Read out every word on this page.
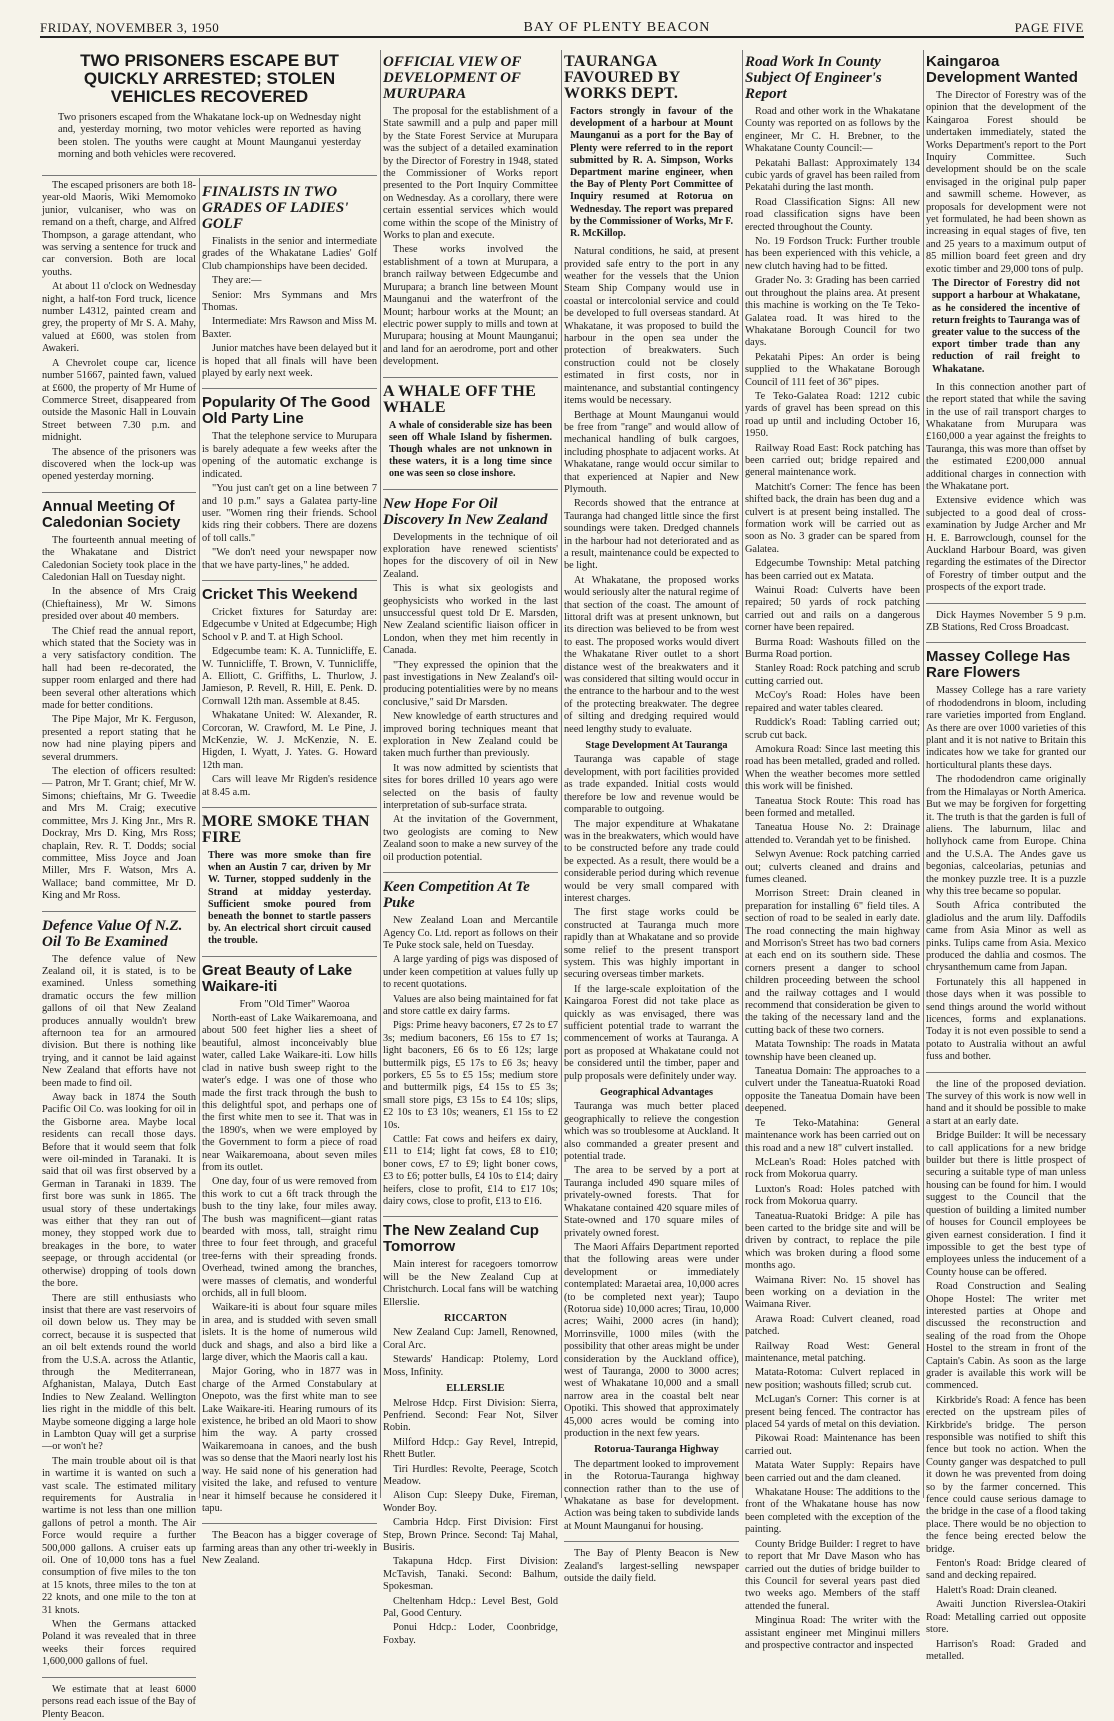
FRIDAY, NOVEMBER 3, 1950	BAY OF PLENTY BEACON	PAGE FIVE
TWO PRISONERS ESCAPE BUT QUICKLY ARRESTED; STOLEN VEHICLES RECOVERED
Two prisoners escaped from the Whakatane lock-up on Wednesday night and, yesterday morning, two motor vehicles were reported as having been stolen. The youths were caught at Mount Maunganui yesterday morning and both vehicles were recovered.

The escaped prisoners are both 18-year-old Maoris, Wiki Memomoko junior, vulcaniser, who was on remand on a theft, charge, and Alfred Thompson, a garage attendant, who was serving a sentence for truck and car conversion. Both are local youths.

At about 11 o'clock on Wednesday night, a half-ton Ford truck, licence number L4312, painted cream and grey, the property of Mr S. A. Mahy, valued at £600, was stolen from Awakeri.

A Chevrolet coupe car, licence number 51667, painted fawn, valued at £600, the property of Mr Hume of Commerce Street, disappeared from outside the Masonic Hall in Louvain Street between 7.30 p.m. and midnight.

The absence of the prisoners was discovered when the lock-up was opened yesterday morning.

Annual Meeting Of Caledonian Society

The fourteenth annual meeting of the Whakatane and District Caledonian Society took place in the Caledonian Hall on Tuesday night.

In the absence of Mrs Craig (Chieftainess), Mr W. Simons presided over about 40 members.

The Chief read the annual report, which stated that the Society was in a very satisfactory condition. The hall had been re-decorated, the supper room enlarged and there had been several other alterations which made for better conditions.

The Pipe Major, Mr K. Ferguson, presented a report stating that he now had nine playing pipers and several drummers.

The election of officers resulted:— Patron, Mr T. Grant; chief, Mr W. Simons; chieftains, Mr G. Tweedie and Mrs M. Craig; executive committee, Mrs J. King Jnr., Mrs R. Dockray, Mrs D. King, Mrs Ross; chaplain, Rev. R. T. Dodds; social committee, Miss Joyce and Joan Miller, Mrs F. Watson, Mrs A. Wallace; band committee, Mr D. King and Mr Ross.

Defence Value Of N.Z. Oil To Be Examined

The defence value of New Zealand oil, it is stated, is to be examined. Unless something dramatic occurs the few million gallons of oil that New Zealand produces annually wouldn't brew afternoon tea for an armoured division. But there is nothing like trying, and it cannot be laid against New Zealand that efforts have not been made to find oil.

Away back in 1874 the South Pacific Oil Co. was looking for oil in the Gisborne area. Maybe local residents can recall those days. Before that it would seem that folk were oil-minded in Taranaki. It is said that oil was first observed by a German in Taranaki in 1839. The first bore was sunk in 1865. The usual story of these undertakings was either that they ran out of money, they stopped work due to breakages in the bore, to water seepage, or through accidental (or otherwise) dropping of tools down the bore.

There are still enthusiasts who insist that there are vast reservoirs of oil down below us. They may be correct, because it is suspected that an oil belt extends round the world from the U.S.A. across the Atlantic, through the Mediterranean, Afghanistan, Malaya, Dutch East Indies to New Zealand. Wellington lies right in the middle of this belt. Maybe someone digging a large hole in Lambton Quay will get a surprise—or won't he?

The main trouble about oil is that in wartime it is wanted on such a vast scale. The estimated military requirements for Australia in wartime is not less than one million gallons of petrol a month. The Air Force would require a further 500,000 gallons. A cruiser eats up oil. One of 10,000 tons has a fuel consumption of five miles to the ton at 15 knots, three miles to the ton at 22 knots, and one mile to the ton at 31 knots.

When the Germans attacked Poland it was revealed that in three weeks their forces required 1,600,000 gallons of fuel.

We estimate that at least 6000 persons read each issue of the Bay of Plenty Beacon.

FINALISTS IN TWO GRADES OF LADIES' GOLF

Finalists in the senior and intermediate grades of the Whakatane Ladies' Golf Club championships have been decided.

They are:—

Senior: Mrs Symmans and Mrs Thomas.

Intermediate: Mrs Rawson and Miss M. Baxter.

Junior matches have been delayed but it is hoped that all finals will have been played by early next week.

Popularity Of The Good Old Party Line

That the telephone service to Murupara is barely adequate a few weeks after the opening of the automatic exchange is indicated.

"You just can't get on a line between 7 and 10 p.m." says a Galatea party-line user. "Women ring their friends. School kids ring their cobbers. There are dozens of toll calls."

"We don't need your newspaper now that we have party-lines," he added.

Cricket This Weekend

Cricket fixtures for Saturday are: Edgecumbe v United at Edgecumbe; High School v P. and T. at High School.

Edgecumbe team: K. A. Tunnicliffe, E. W. Tunnicliffe, T. Brown, V. Tunnicliffe, A. Elliott, C. Griffiths, L. Thurlow, J. Jamieson, P. Revell, R. Hill, E. Penk. D. Cornwall 12th man. Assemble at 8.45.

Whakatane United: W. Alexander, R. Corcoran, W. Crawford, M. Le Pine, J. McKenzie, W. J. McKenzie, N. E. Higden, I. Wyatt, J. Yates. G. Howard 12th man.

Cars will leave Mr Rigden's residence at 8.45 a.m.

MORE SMOKE THAN FIRE
There was more smoke than fire when an Austin 7 car, driven by Mr W. Turner, stopped suddenly in the Strand at midday yesterday. Sufficient smoke poured from beneath the bonnet to startle passers by. An electrical short circuit caused the trouble.
Great Beauty of Lake Waikare-iti

From "Old Timer" Waoroa

North-east of Lake Waikaremoana, and about 500 feet higher lies a sheet of beautiful, almost inconceivably blue water, called Lake Waikare-iti. Low hills clad in native bush sweep right to the water's edge. I was one of those who made the first track through the bush to this delightful spot, and perhaps one of the first white men to see it. That was in the 1890's, when we were employed by the Government to form a piece of road near Waikaremoana, about seven miles from its outlet.

One day, four of us were removed from this work to cut a 6ft track through the bush to the tiny lake, four miles away. The bush was magnificent—giant ratas bearded with moss, tall, straight rimu three to four feet through, and graceful tree-ferns with their spreading fronds. Overhead, twined among the branches, were masses of clematis, and wonderful orchids, all in full bloom.

Waikare-iti is about four square miles in area, and is studded with seven small islets. It is the home of numerous wild duck and shags, and also a bird like a large diver, which the Maoris call a kau.

Major Goring, who in 1877 was in charge of the Armed Constabulary at Onepoto, was the first white man to see Lake Waikare-iti. Hearing rumours of its existence, he bribed an old Maori to show him the way. A party crossed Waikaremoana in canoes, and the bush was so dense that the Maori nearly lost his way. He said none of his generation had visited the lake, and refused to venture near it himself because he considered it tapu.

The Beacon has a bigger coverage of farming areas than any other tri-weekly in New Zealand.

OFFICIAL VIEW OF DEVELOPMENT OF MURUPARA

The proposal for the establishment of a State sawmill and a pulp and paper mill by the State Forest Service at Murupara was the subject of a detailed examination by the Director of Forestry in 1948, stated the Commissioner of Works report presented to the Port Inquiry Committee on Wednesday. As a corollary, there were certain essential services which would come within the scope of the Ministry of Works to plan and execute.

These works involved the establishment of a town at Murupara, a branch railway between Edgecumbe and Murupara; a branch line between Mount Maunganui and the waterfront of the Mount; harbour works at the Mount; an electric power supply to mills and town at Murupara; housing at Mount Maunganui; and land for an aerodrome, port and other development.

A WHALE OFF THE WHALE
A whale of considerable size has been seen off Whale Island by fishermen. Though whales are not unknown in these waters, it is a long time since one was seen so close inshore.
New Hope For Oil Discovery In New Zealand

Developments in the technique of oil exploration have renewed scientists' hopes for the discovery of oil in New Zealand.

This is what six geologists and geophysicists who worked in the last unsuccessful quest told Dr E. Marsden, New Zealand scientific liaison officer in London, when they met him recently in Canada.

"They expressed the opinion that the past investigations in New Zealand's oil-producing potentialities were by no means conclusive," said Dr Marsden.

New knowledge of earth structures and improved boring techniques meant that exploration in New Zealand could be taken much further than previously.

It was now admitted by scientists that sites for bores drilled 10 years ago were selected on the basis of faulty interpretation of sub-surface strata.

At the invitation of the Government, two geologists are coming to New Zealand soon to make a new survey of the oil production potential.

Keen Competition At Te Puke

New Zealand Loan and Mercantile Agency Co. Ltd. report as follows on their Te Puke stock sale, held on Tuesday.

A large yarding of pigs was disposed of under keen competition at values fully up to recent quotations.

Values are also being maintained for fat and store cattle ex dairy farms.

Pigs: Prime heavy baconers, £7 2s to £7 3s; medium baconers, £6 15s to £7 1s; light baconers, £6 6s to £6 12s; large buttermilk pigs, £5 17s to £6 3s; heavy porkers, £5 5s to £5 15s; medium store and buttermilk pigs, £4 15s to £5 3s; small store pigs, £3 15s to £4 10s; slips, £2 10s to £3 10s; weaners, £1 15s to £2 10s.

Cattle: Fat cows and heifers ex dairy, £11 to £14; light fat cows, £8 to £10; boner cows, £7 to £9; light boner cows, £3 to £6; potter bulls, £4 10s to £14; dairy heifers, close to profit, £14 to £17 10s; dairy cows, close to profit, £13 to £16.

The New Zealand Cup Tomorrow

Main interest for racegoers tomorrow will be the New Zealand Cup at Christchurch. Local fans will be watching Ellerslie.

RICCARTON

New Zealand Cup: Jamell, Renowned, Coral Arc.

Stewards' Handicap: Ptolemy, Lord Moss, Infinity.

ELLERSLIE

Melrose Hdcp. First Division: Sierra, Penfriend. Second: Fear Not, Silver Robin.

Milford Hdcp.: Gay Revel, Intrepid, Rhett Butler.

Tiri Hurdles: Revolte, Peerage, Scotch Meadow.

Alison Cup: Sleepy Duke, Fireman, Wonder Boy.

Cambria Hdcp. First Division: First Step, Brown Prince. Second: Taj Mahal, Busiris.

Takapuna Hdcp. First Division: McTavish, Tanaki. Second: Balhum, Spokesman.

Cheltenham Hdcp.: Level Best, Gold Pal, Good Century.

Ponui Hdcp.: Loder, Coonbridge, Foxbay.

TAURANGA FAVOURED BY WORKS DEPT.
Factors strongly in favour of the development of a harbour at Mount Maunganui as a port for the Bay of Plenty were referred to in the report submitted by R. A. Simpson, Works Department marine engineer, when the Bay of Plenty Port Committee of Inquiry resumed at Rotorua on Wednesday. The report was prepared by the Commissioner of Works, Mr F. R. McKillop.

Natural conditions, he said, at present provided safe entry to the port in any weather for the vessels that the Union Steam Ship Company would use in coastal or intercolonial service and could be developed to full overseas standard. At Whakatane, it was proposed to build the harbour in the open sea under the protection of breakwaters. Such construction could not be closely estimated in first costs, nor in maintenance, and substantial contingency items would be necessary.

Berthage at Mount Maunganui would be free from "range" and would allow of mechanical handling of bulk cargoes, including phosphate to adjacent works. At Whakatane, range would occur similar to that experienced at Napier and New Plymouth.

Records showed that the entrance at Tauranga had changed little since the first soundings were taken. Dredged channels in the harbour had not deteriorated and as a result, maintenance could be expected to be light.

At Whakatane, the proposed works would seriously alter the natural regime of that section of the coast. The amount of littoral drift was at present unknown, but its direction was believed to be from west to east. The proposed works would divert the Whakatane River outlet to a short distance west of the breakwaters and it was considered that silting would occur in the entrance to the harbour and to the west of the protecting breakwater. The degree of silting and dredging required would need lengthy study to evaluate.

Stage Development At Tauranga

Tauranga was capable of stage development, with port facilities provided as trade expanded. Initial costs would therefore be low and revenue would be comparable to outgoing.

The major expenditure at Whakatane was in the breakwaters, which would have to be constructed before any trade could be expected. As a result, there would be a considerable period during which revenue would be very small compared with interest charges.

The first stage works could be constructed at Tauranga much more rapidly than at Whakatane and so provide some relief to the present transport system. This was highly important in securing overseas timber markets.

If the large-scale exploitation of the Kaingaroa Forest did not take place as quickly as was envisaged, there was sufficient potential trade to warrant the commencement of works at Tauranga. A port as proposed at Whakatane could not be considered until the timber, paper and pulp proposals were definitely under way.

Geographical Advantages

Tauranga was much better placed geographically to relieve the congestion which was so troublesome at Auckland. It also commanded a greater present and potential trade.

The area to be served by a port at Tauranga included 490 square miles of privately-owned forests. That for Whakatane contained 420 square miles of State-owned and 170 square miles of privately owned forest.

The Maori Affairs Department reported that the following areas were under development or immediately contemplated: Maraetai area, 10,000 acres (to be completed next year); Taupo (Rotorua side) 10,000 acres; Tirau, 10,000 acres; Waihi, 2000 acres (in hand); Morrinsville, 1000 miles (with the possibility that other areas might be under consideration by the Auckland office), west of Tauranga, 2000 to 3000 acres; west of Whakatane 10,000 and a small narrow area in the coastal belt near Opotiki. This showed that approximately 45,000 acres would be coming into production in the next few years.

Rotorua-Tauranga Highway

The department looked to improvement in the Rotorua-Tauranga highway connection rather than to the use of Whakatane as base for development. Action was being taken to subdivide lands at Mount Maunganui for housing.

The Bay of Plenty Beacon is New Zealand's largest-selling newspaper outside the daily field.

Road Work In County Subject Of Engineer's Report

Road and other work in the Whakatane County was reported on as follows by the engineer, Mr C. H. Brebner, to the Whakatane County Council:—

Pekatahi Ballast: Approximately 134 cubic yards of gravel has been railed from Pekatahi during the last month.

Road Classification Signs: All new road classification signs have been erected throughout the County.

No. 19 Fordson Truck: Further trouble has been experienced with this vehicle, a new clutch having had to be fitted.

Grader No. 3: Grading has been carried out throughout the plains area. At present this machine is working on the Te Teko-Galatea road. It was hired to the Whakatane Borough Council for two days.

Pekatahi Pipes: An order is being supplied to the Whakatane Borough Council of 111 feet of 36" pipes.

Te Teko-Galatea Road: 1212 cubic yards of gravel has been spread on this road up until and including October 16, 1950.

Railway Road East: Rock patching has been carried out; bridge repaired and general maintenance work.

Matchitt's Corner: The fence has been shifted back, the drain has been dug and a culvert is at present being installed. The formation work will be carried out as soon as No. 3 grader can be spared from Galatea.

Edgecumbe Township: Metal patching has been carried out ex Matata.

Wainui Road: Culverts have been repaired; 50 yards of rock patching carried out and rails on a dangerous corner have been repaired.

Burma Road: Washouts filled on the Burma Road portion.

Stanley Road: Rock patching and scrub cutting carried out.

McCoy's Road: Holes have been repaired and water tables cleared.

Ruddick's Road: Tabling carried out; scrub cut back.

Amokura Road: Since last meeting this road has been metalled, graded and rolled. When the weather becomes more settled this work will be finished.

Taneatua Stock Route: This road has been formed and metalled.

Taneatua House No. 2: Drainage attended to. Verandah yet to be finished.

Selwyn Avenue: Rock patching carried out; culverts cleaned and drains and fumes cleaned.

Morrison Street: Drain cleaned in preparation for installing 6" field tiles. A section of road to be sealed in early date. The road connecting the main highway and Morrison's Street has two bad corners at each end on its southern side. These corners present a danger to school children proceeding between the school and the railway cottages and I would recommend that consideration be given to the taking of the necessary land and the cutting back of these two corners.

Matata Township: The roads in Matata township have been cleaned up.

Taneatua Domain: The approaches to a culvert under the Taneatua-Ruatoki Road opposite the Taneatua Domain have been deepened.

Te Teko-Matahina: General maintenance work has been carried out on this road and a new 18" culvert installed.

McLean's Road: Holes patched with rock from Mokorua quarry.

Luxton's Road: Holes patched with rock from Mokorua quarry.

Taneatua-Ruatoki Bridge: A pile has been carted to the bridge site and will be driven by contract, to replace the pile which was broken during a flood some months ago.

Waimana River: No. 15 shovel has been working on a deviation in the Waimana River.

Arawa Road: Culvert cleaned, road patched.

Railway Road West: General maintenance, metal patching.

Matata-Rotoma: Culvert replaced in new position; washouts filled; scrub cut.

McLugan's Corner: This corner is at present being fenced. The contractor has placed 54 yards of metal on this deviation.

Pikowai Road: Maintenance has been carried out.

Matata Water Supply: Repairs have been carried out and the dam cleaned.

Whakatane House: The additions to the front of the Whakatane house has now been completed with the exception of the painting.

County Bridge Builder: I regret to have to report that Mr Dave Mason who has carried out the duties of bridge builder to this Council for several years past died two weeks ago. Members of the staff attended the funeral.

Minginua Road: The writer with the assistant engineer met Minginui millers and prospective contractor and inspected

Kaingaroa Development Wanted

The Director of Forestry was of the opinion that the development of the Kaingaroa Forest should be undertaken immediately, stated the Works Department's report to the Port Inquiry Committee. Such development should be on the scale envisaged in the original pulp paper and sawmill scheme. However, as proposals for development were not yet formulated, he had been shown as increasing in equal stages of five, ten and 25 years to a maximum output of 85 million board feet green and dry exotic timber and 29,000 tons of pulp.

The Director of Forestry did not support a harbour at Whakatane, as he considered the incentive of return freights to Tauranga was of greater value to the success of the export timber trade than any reduction of rail freight to Whakatane.

In this connection another part of the report stated that while the saving in the use of rail transport charges to Whakatane from Murupara was £160,000 a year against the freights to Tauranga, this was more than offset by the estimated £200,000 annual additional charges in connection with the Whakatane port.

Extensive evidence which was subjected to a good deal of cross-examination by Judge Archer and Mr H. E. Barrowclough, counsel for the Auckland Harbour Board, was given regarding the estimates of the Director of Forestry of timber output and the prospects of the export trade.

Dick Haymes November 5 9 p.m. ZB Stations, Red Cross Broadcast.

Massey College Has Rare Flowers

Massey College has a rare variety of rhododendrons in bloom, including rare varieties imported from England. As there are over 1000 varieties of this plant and it is not native to Britain this indicates how we take for granted our horticultural plants these days.

The rhododendron came originally from the Himalayas or North America. But we may be forgiven for forgetting it. The truth is that the garden is full of aliens. The laburnum, lilac and hollyhock came from Europe. China and the U.S.A. The Andes gave us begonias, calceolarias, petunias and the monkey puzzle tree. It is a puzzle why this tree became so popular.

South Africa contributed the gladiolus and the arum lily. Daffodils came from Asia Minor as well as pinks. Tulips came from Asia. Mexico produced the dahlia and cosmos. The chrysanthemum came from Japan.

Fortunately this all happened in those days when it was possible to send things around the world without licences, forms and explanations. Today it is not even possible to send a potato to Australia without an awful fuss and bother.

the line of the proposed deviation. The survey of this work is now well in hand and it should be possible to make a start at an early date.

Bridge Builder: It will be necessary to call applications for a new bridge builder but there is little prospect of securing a suitable type of man unless housing can be found for him. I would suggest to the Council that the question of building a limited number of houses for Council employees be given earnest consideration. I find it impossible to get the best type of employees unless the inducement of a County house can be offered.

Road Construction and Sealing Ohope Hostel: The writer met interested parties at Ohope and discussed the reconstruction and sealing of the road from the Ohope Hostel to the stream in front of the Captain's Cabin. As soon as the large grader is available this work will be commenced.

Kirkbride's Road: A fence has been erected on the upstream piles of Kirkbride's bridge. The person responsible was notified to shift this fence but took no action. When the County ganger was despatched to pull it down he was prevented from doing so by the farmer concerned. This fence could cause serious damage to the bridge in the case of a flood taking place. There would be no objection to the fence being erected below the bridge.

Fenton's Road: Bridge cleared of sand and decking repaired.

Halett's Road: Drain cleaned.

Awaiti Junction Riverslea-Otakiri Road: Metalling carried out opposite store.

Harrison's Road: Graded and metalled.
